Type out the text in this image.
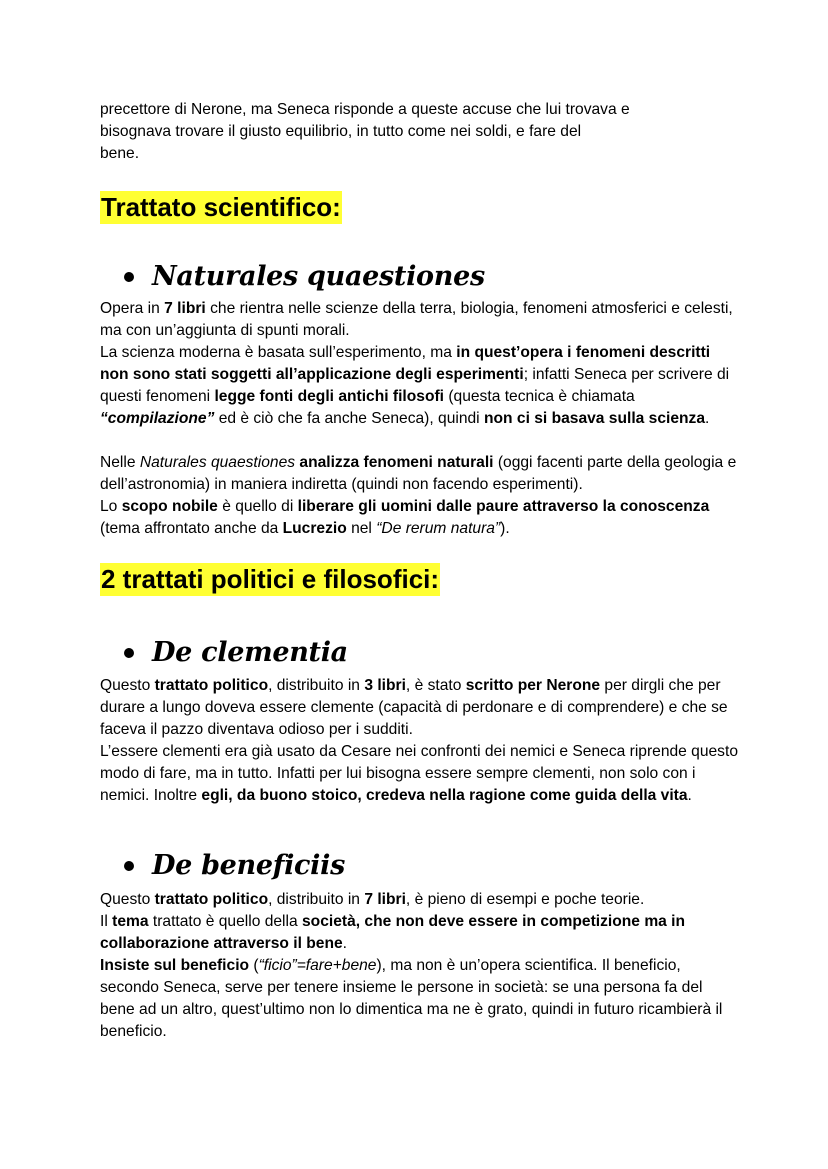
precettore di Nerone, ma Seneca risponde a queste accuse che lui trovava e
bisognava trovare il giusto equilibrio, in tutto come nei soldi, e fare del
bene.

Trattato scientifico:
Naturales quaestiones

Opera in 7 libri che rientra nelle scienze della terra, biologia, fenomeni atmosferici e celesti, ma con un’aggiunta di spunti morali.

La scienza moderna è basata sull’esperimento, ma in quest’opera i fenomeni descritti non sono stati soggetti all’applicazione degli esperimenti; infatti Seneca per scrivere di questi fenomeni legge fonti degli antichi filosofi (questa tecnica è chiamata “compilazione” ed è ciò che fa anche Seneca), quindi non ci si basava sulla scienza.

Nelle Naturales quaestiones analizza fenomeni naturali (oggi facenti parte della geologia e dell’astronomia) in maniera indiretta (quindi non facendo esperimenti).

Lo scopo nobile è quello di liberare gli uomini dalle paure attraverso la conoscenza (tema affrontato anche da Lucrezio nel “De rerum natura”).

2 trattati politici e filosofici:
De clementia

Questo trattato politico, distribuito in 3 libri, è stato scritto per Nerone per dirgli che per durare a lungo doveva essere clemente (capacità di perdonare e di comprendere) e che se faceva il pazzo diventava odioso per i sudditi.

L’essere clementi era già usato da Cesare nei confronti dei nemici e Seneca riprende questo modo di fare, ma in tutto. Infatti per lui bisogna essere sempre clementi, non solo con i nemici. Inoltre egli, da buono stoico, credeva nella ragione come guida della vita.

De beneficiis

Questo trattato politico, distribuito in 7 libri, è pieno di esempi e poche teorie.

Il tema trattato è quello della società, che non deve essere in competizione ma in collaborazione attraverso il bene.

Insiste sul beneficio (“ficio”=fare+bene), ma non è un’opera scientifica. Il beneficio, secondo Seneca, serve per tenere insieme le persone in società: se una persona fa del bene ad un altro, quest’ultimo non lo dimentica ma ne è grato, quindi in futuro ricambierà il beneficio.
